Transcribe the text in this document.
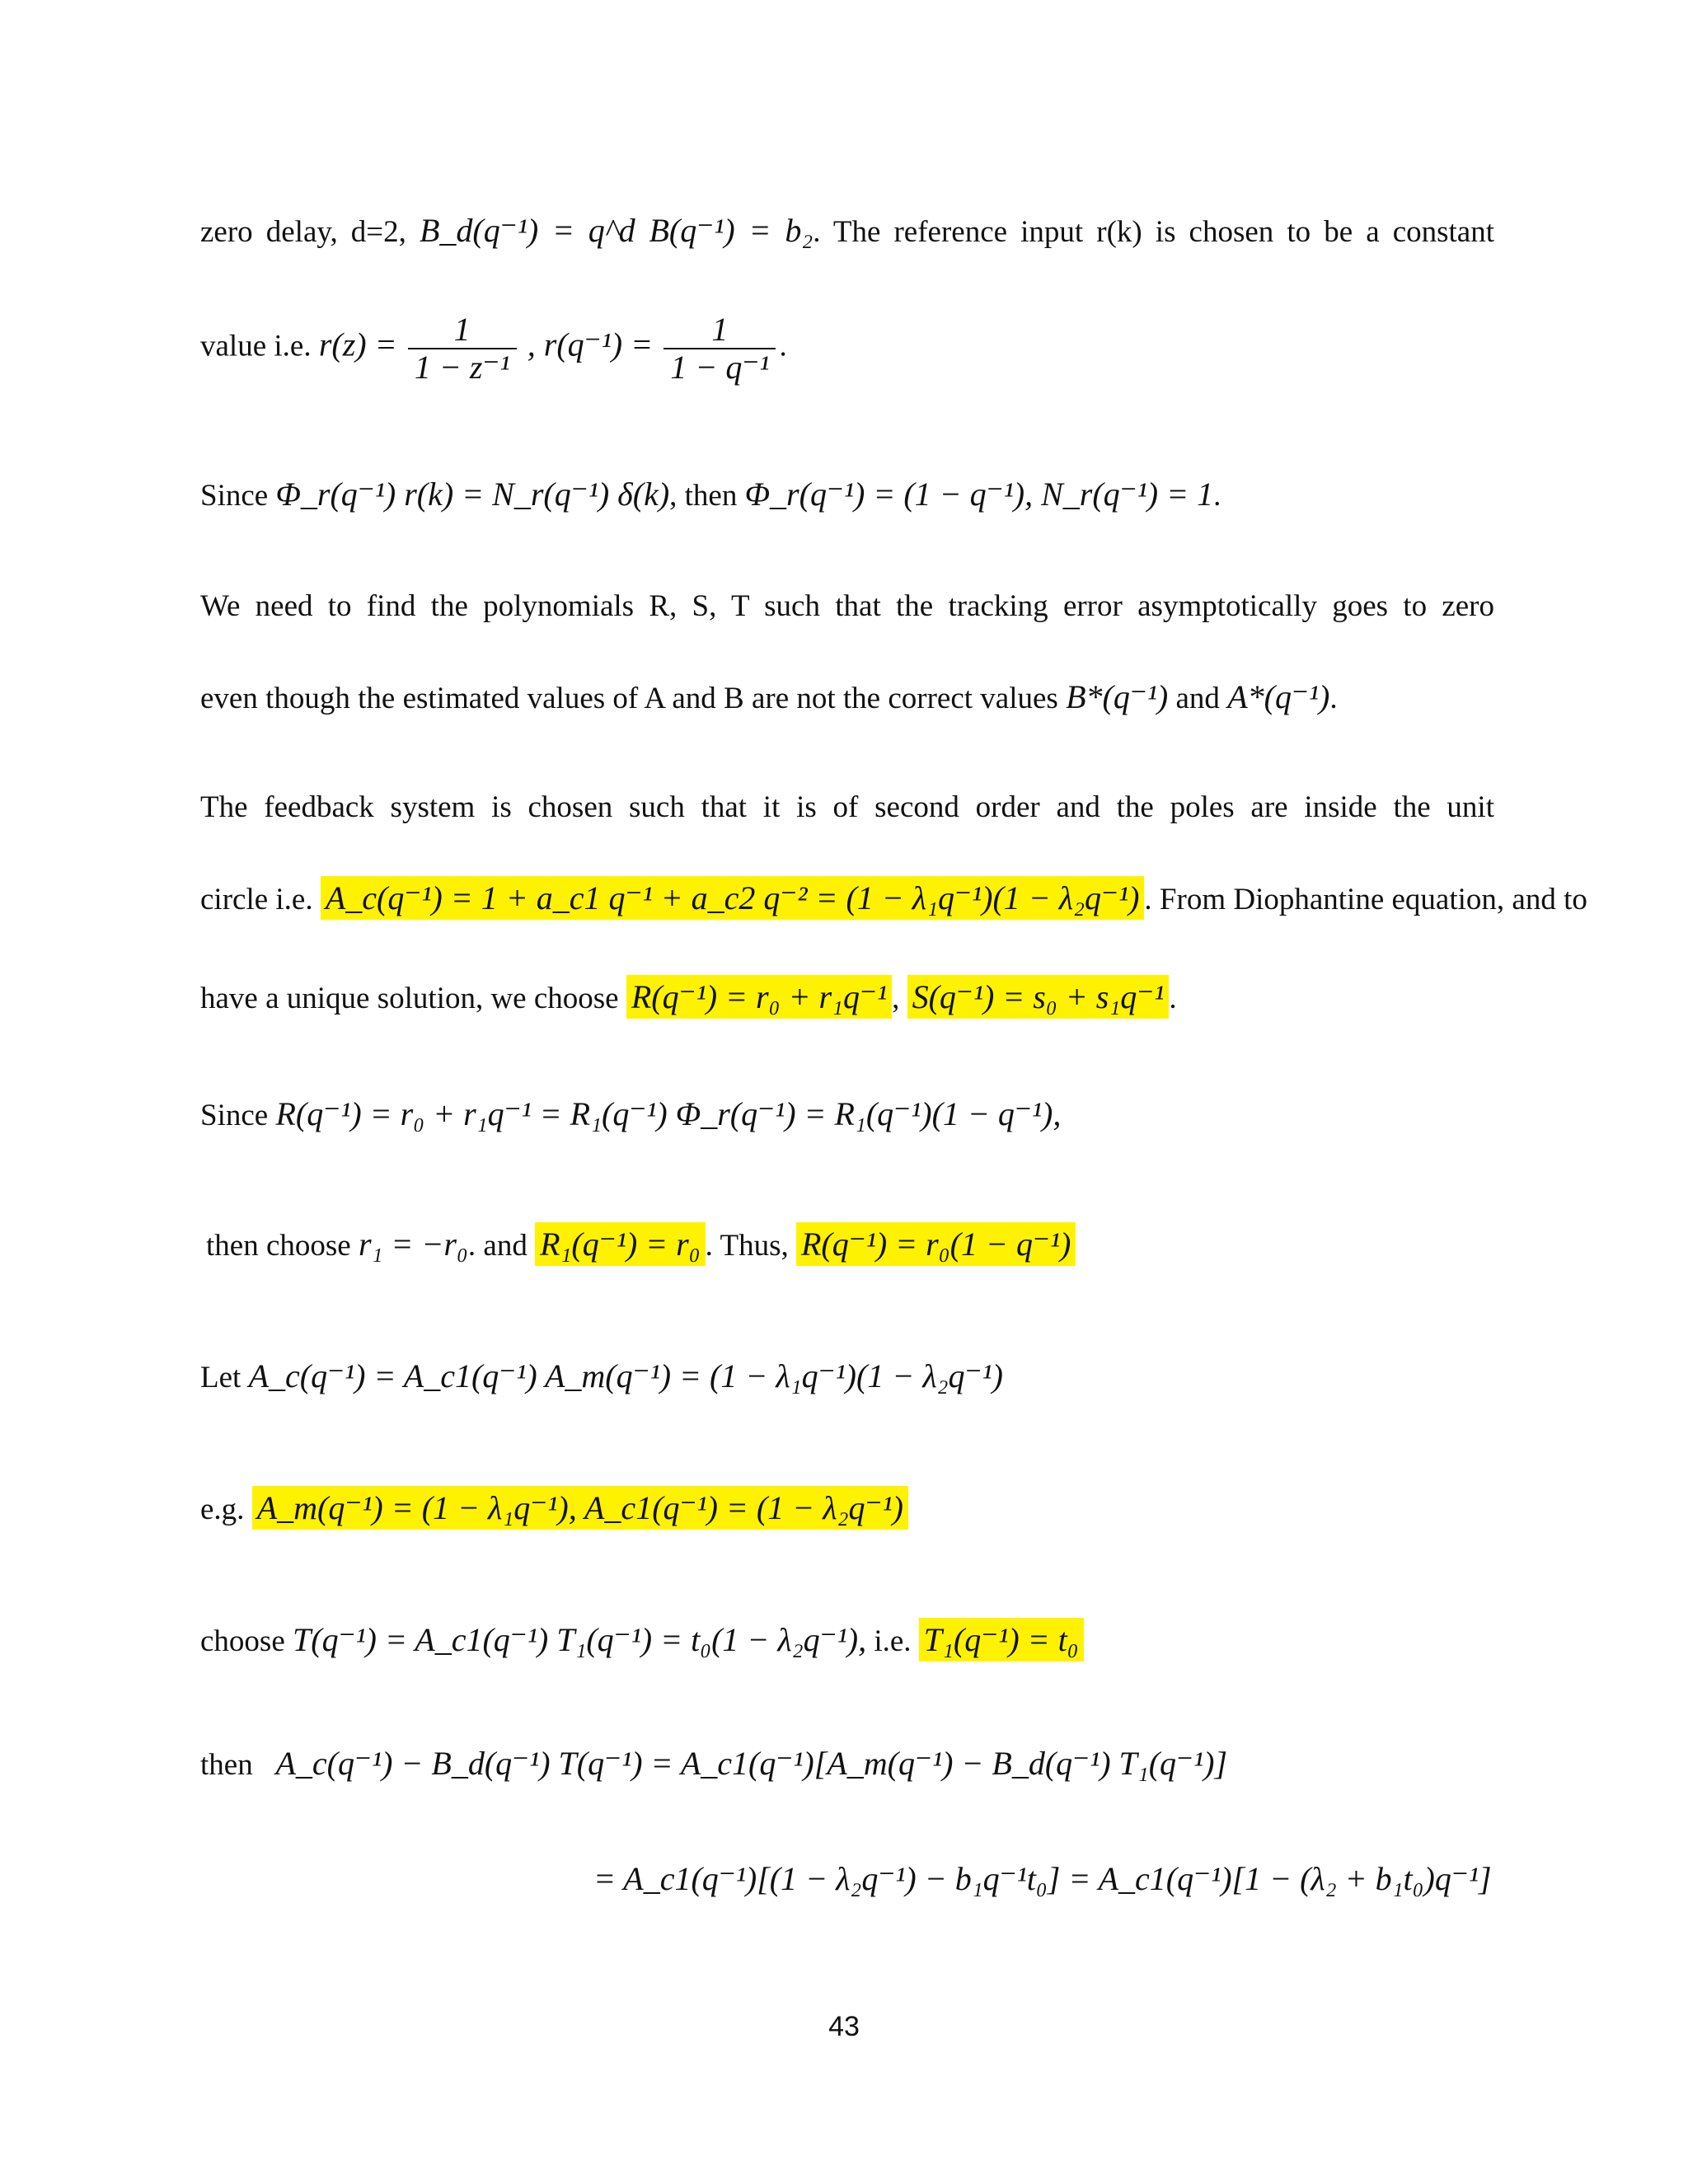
zero delay, d=2, B_d(q⁻¹) = q^d B(q⁻¹) = b₂. The reference input r(k) is chosen to be a constant
value i.e. $r(z) = \frac{1}{\text{1 − z⁻¹}}$ , $r(q^{-1}) = \frac{1}{\text{1 − q⁻¹}}$ .
Since Φ_r(q⁻¹) r(k) = N_r(q⁻¹) δ(k), then Φ_r(q⁻¹) = (1 − q⁻¹), N_r(q⁻¹) = 1.
We need to find the polynomials R, S, T such that the tracking error asymptotically goes to zero
even though the estimated values of A and B are not the correct values B*(q⁻¹) and A*(q⁻¹).
The feedback system is chosen such that it is of second order and the poles are inside the unit
circle i.e. A_c(q⁻¹) = 1 + a_c1 q⁻¹ + a_c2 q⁻² = (1 − λ₁q⁻¹)(1 − λ₂q⁻¹) . From Diophantine equation, and to
have a unique solution, we choose R(q⁻¹) = r₀ + r₁q⁻¹ , S(q⁻¹) = s₀ + s₁q⁻¹ .
Since R(q⁻¹) = r₀ + r₁q⁻¹ = R₁(q⁻¹) Φ_r(q⁻¹) = R₁(q⁻¹)(1 − q⁻¹),
then choose r₁ = −r₀. and R₁(q⁻¹) = r₀ . Thus, R(q⁻¹) = r₀(1 − q⁻¹)
Let A_c(q⁻¹) = A_c1(q⁻¹) A_m(q⁻¹) = (1 − λ₁q⁻¹)(1 − λ₂q⁻¹)
e.g. A_m(q⁻¹) = (1 − λ₁q⁻¹), A_c1(q⁻¹) = (1 − λ₂q⁻¹)
choose T(q⁻¹) = A_c1(q⁻¹) T₁(q⁻¹) = t₀(1 − λ₂q⁻¹), i.e. T₁(q⁻¹) = t₀
then A_c(q⁻¹) − B_d(q⁻¹) T(q⁻¹) = A_c1(q⁻¹)[A_m(q⁻¹) − B_d(q⁻¹) T₁(q⁻¹)]
= A_c1(q⁻¹)[(1 − λ₂q⁻¹) − b₁q⁻¹t₀] = A_c1(q⁻¹)[1 − (λ₂ + b₁t₀)q⁻¹]
43
